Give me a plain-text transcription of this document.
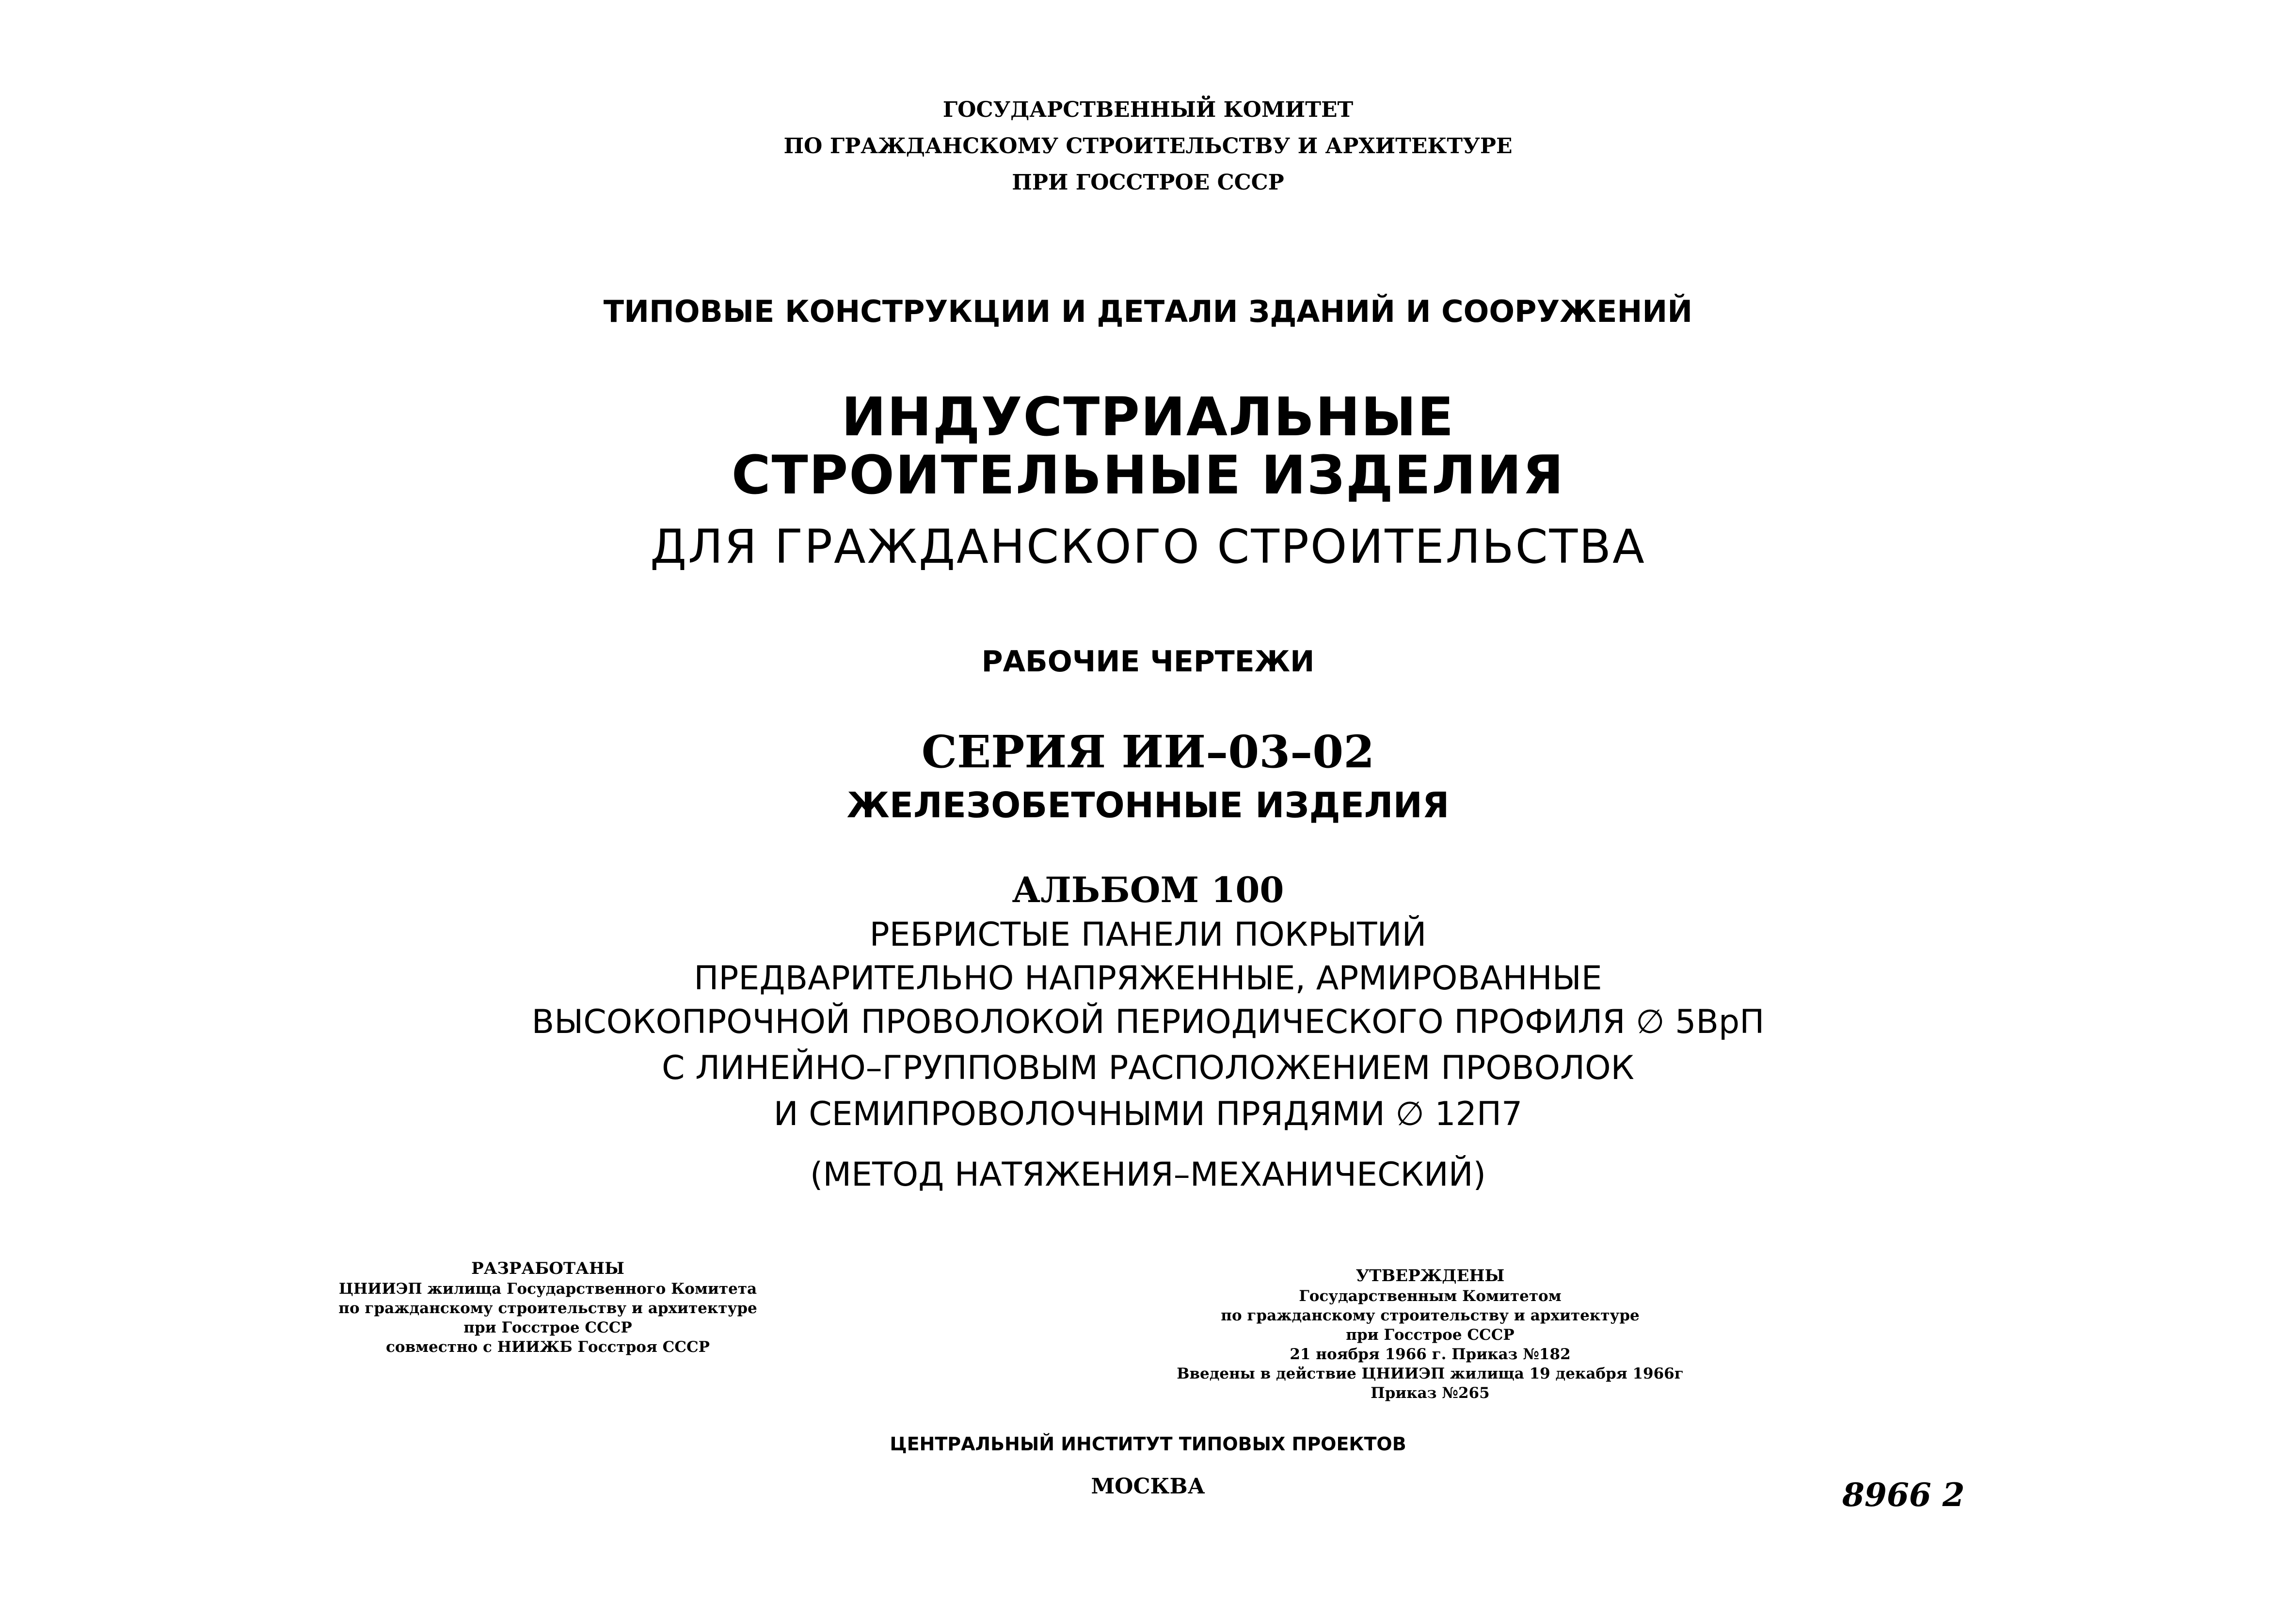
ГОСУДАРСТВЕННЫЙ КОМИТЕТ
ПО ГРАЖДАНСКОМУ СТРОИТЕЛЬСТВУ И АРХИТЕКТУРЕ
ПРИ ГОССТРОЕ СССР
ТИПОВЫЕ КОНСТРУКЦИИ И ДЕТАЛИ ЗДАНИЙ И СООРУЖЕНИЙ
ИНДУСТРИАЛЬНЫЕ
СТРОИТЕЛЬНЫЕ ИЗДЕЛИЯ
ДЛЯ ГРАЖДАНСКОГО СТРОИТЕЛЬСТВА
РАБОЧИЕ ЧЕРТЕЖИ
СЕРИЯ ИИ–03–02
ЖЕЛЕЗОБЕТОННЫЕ ИЗДЕЛИЯ
АЛЬБОМ 100
РЕБРИСТЫЕ ПАНЕЛИ ПОКРЫТИЙ
ПРЕДВАРИТЕЛЬНО НАПРЯЖЕННЫЕ, АРМИРОВАННЫЕ
ВЫСОКОПРОЧНОЙ ПРОВОЛОКОЙ ПЕРИОДИЧЕСКОГО ПРОФИЛЯ ∅ 5ВрП
С ЛИНЕЙНО–ГРУППОВЫМ РАСПОЛОЖЕНИЕМ ПРОВОЛОК
И СЕМИПРОВОЛОЧНЫМИ ПРЯДЯМИ ∅ 12П7
(МЕТОД НАТЯЖЕНИЯ–МЕХАНИЧЕСКИЙ)
РАЗРАБОТАНЫ
ЦНИИЭП жилища Государственного Комитета
по гражданскому строительству и архитектуре
при Госстрое СССР
совместно с НИИЖБ Госстроя СССР
УТВЕРЖДЕНЫ
Государственным Комитетом
по гражданскому строительству и архитектуре
при Госстрое СССР
21 ноября 1966 г. Приказ №182
Введены в действие ЦНИИЭП жилища 19 декабря 1966г
Приказ №265
ЦЕНТРАЛЬНЫЙ ИНСТИТУТ ТИПОВЫХ ПРОЕКТОВ
МОСКВА	8966 2
